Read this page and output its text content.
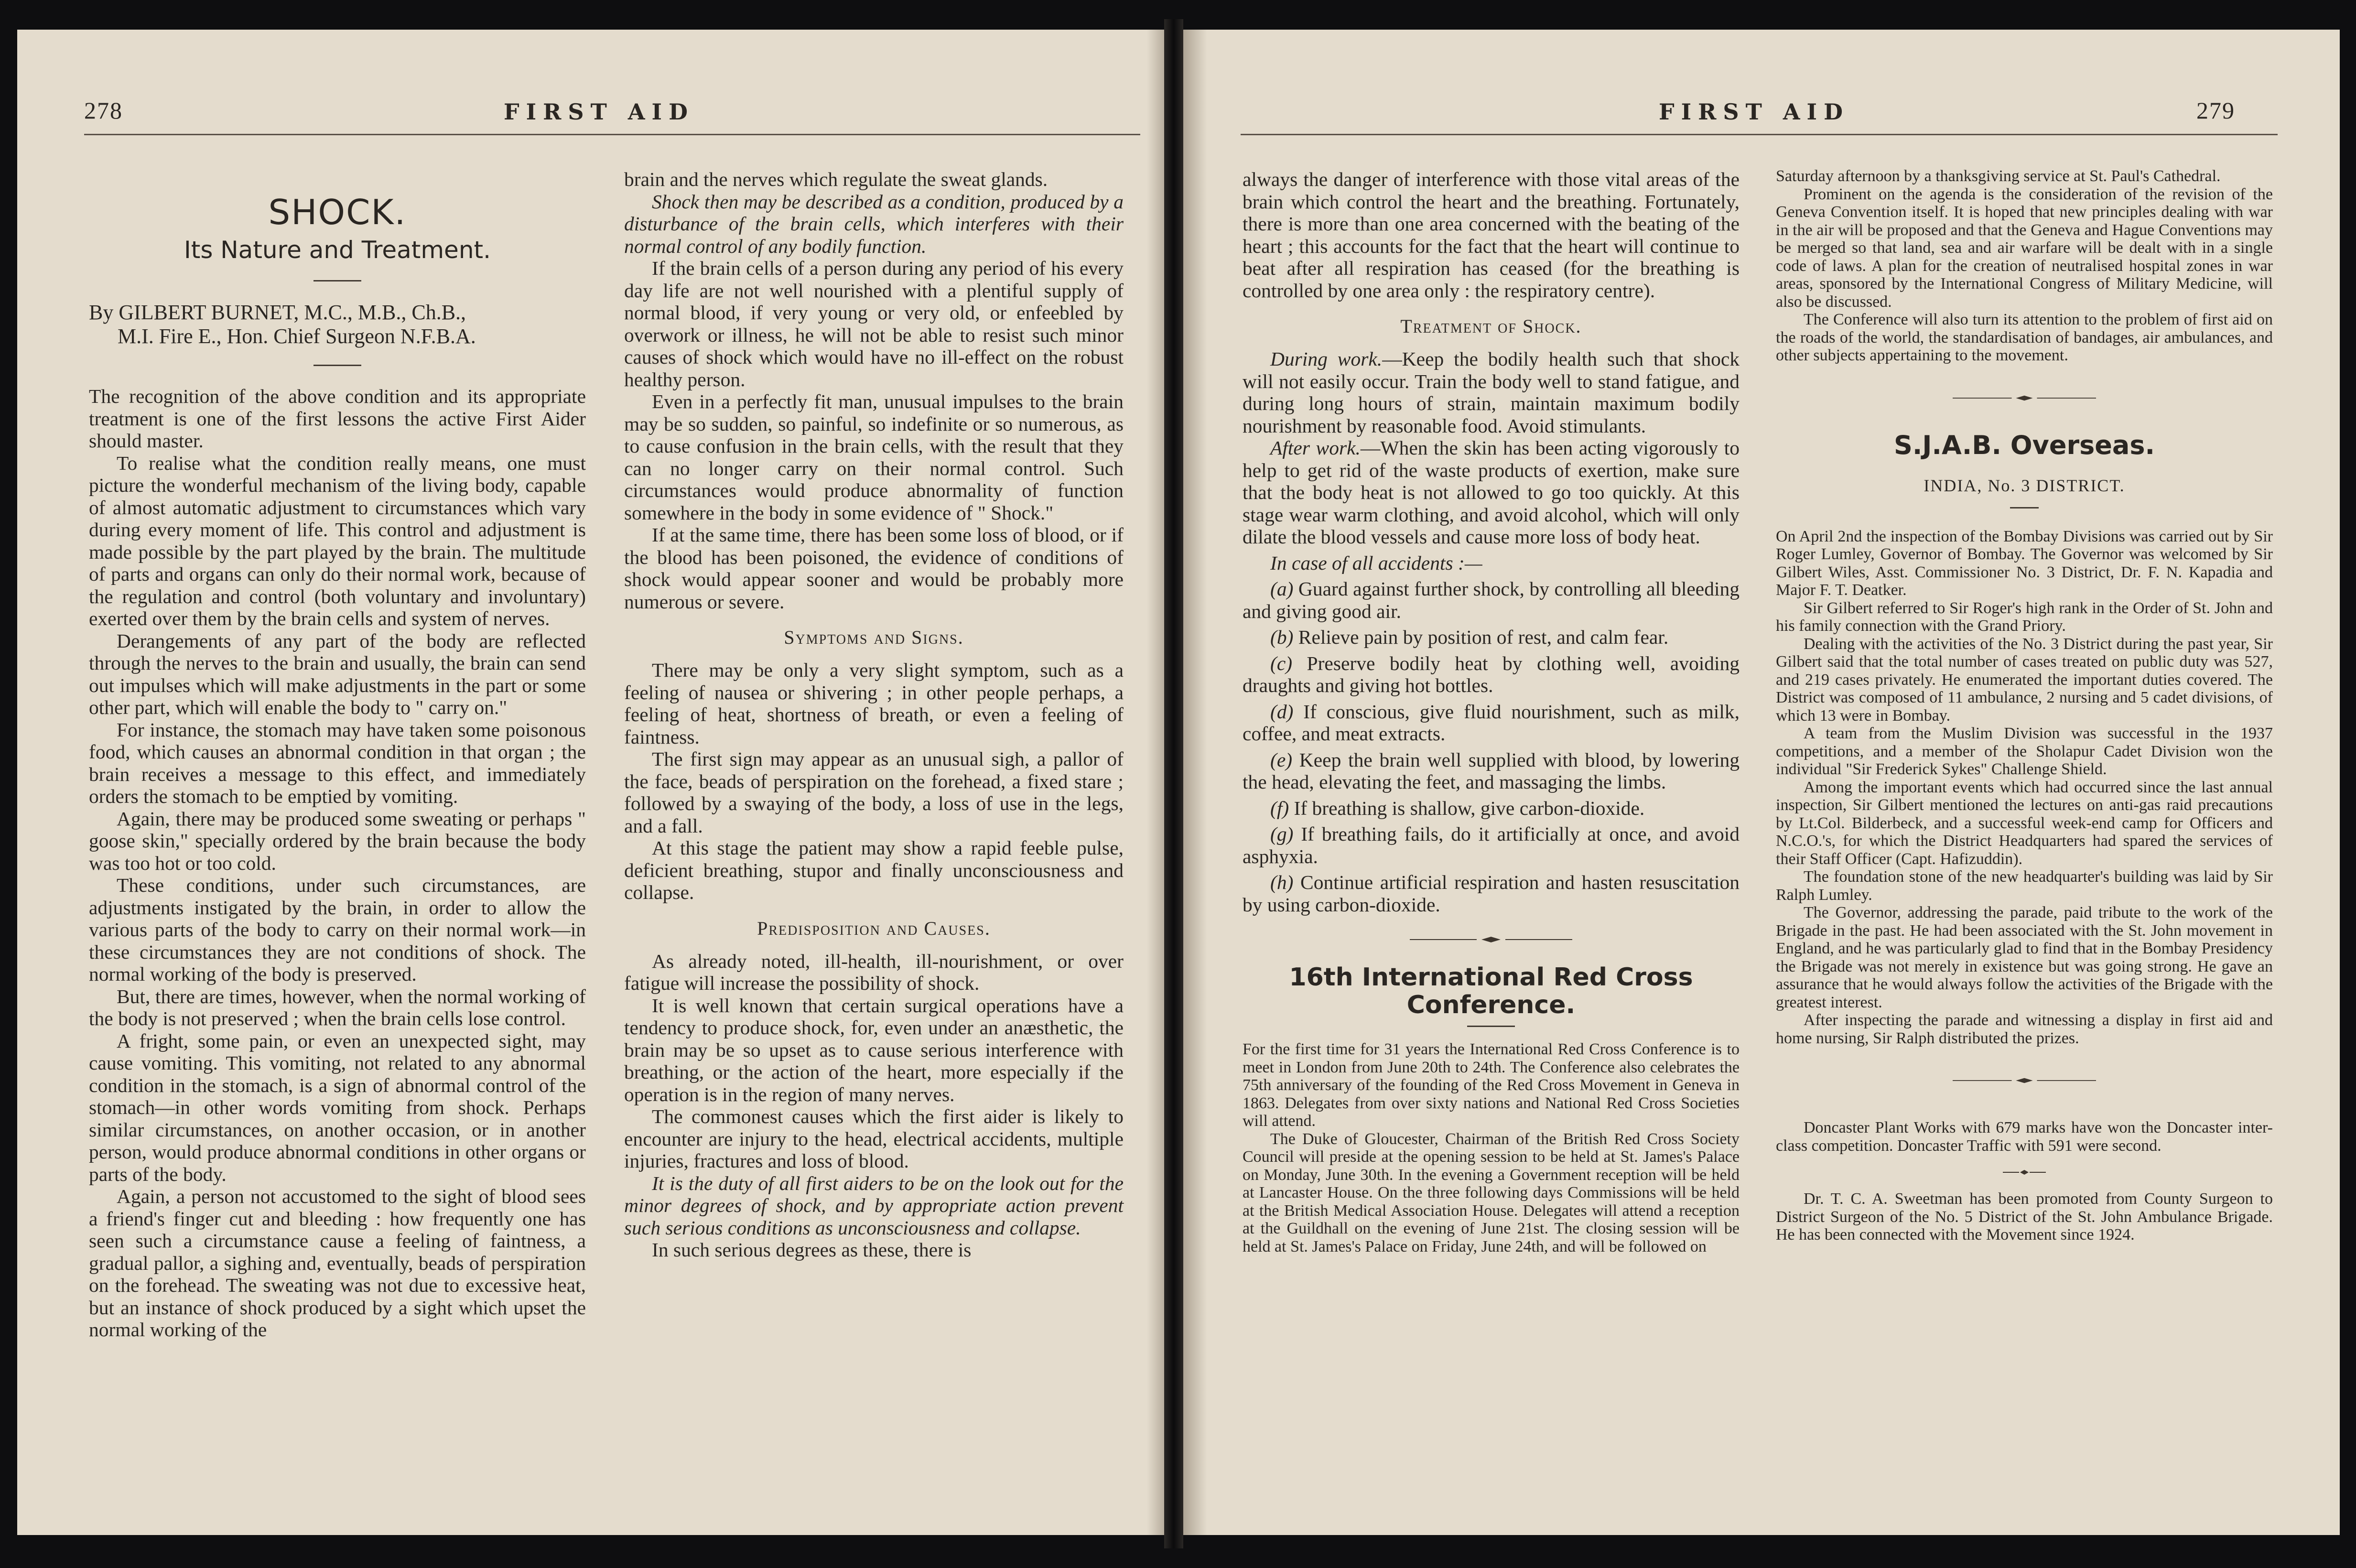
278	FIRST AID
SHOCK.
Its Nature and Treatment.
By GILBERT BURNET, M.C., M.B., Ch.B.,
M.I. Fire E., Hon. Chief Surgeon N.F.B.A.

The recognition of the above condition and its appropriate treatment is one of the first lessons the active First Aider should master.

To realise what the condition really means, one must picture the wonderful mechanism of the living body, capable of almost automatic adjustment to circumstances which vary during every moment of life. This control and adjustment is made possible by the part played by the brain. The multitude of parts and organs can only do their normal work, because of the regulation and control (both voluntary and involuntary) exerted over them by the brain cells and system of nerves.

Derangements of any part of the body are reflected through the nerves to the brain and usually, the brain can send out impulses which will make adjustments in the part or some other part, which will enable the body to " carry on."

For instance, the stomach may have taken some poisonous food, which causes an abnormal condition in that organ ; the brain receives a message to this effect, and immediately orders the stomach to be emptied by vomiting.

Again, there may be produced some sweating or perhaps " goose skin," specially ordered by the brain because the body was too hot or too cold.

These conditions, under such circumstances, are adjustments instigated by the brain, in order to allow the various parts of the body to carry on their normal work—in these circumstances they are not conditions of shock. The normal working of the body is preserved.

But, there are times, however, when the normal working of the body is not preserved ; when the brain cells lose control.

A fright, some pain, or even an unexpected sight, may cause vomiting. This vomiting, not related to any abnormal condition in the stomach, is a sign of abnormal control of the stomach—in other words vomiting from shock. Perhaps similar circumstances, on another occasion, or in another person, would produce abnormal conditions in other organs or parts of the body.

Again, a person not accustomed to the sight of blood sees a friend's finger cut and bleeding : how frequently one has seen such a circumstance cause a feeling of faintness, a gradual pallor, a sighing and, eventually, beads of perspiration on the forehead. The sweating was not due to excessive heat, but an instance of shock produced by a sight which upset the normal working of the

brain and the nerves which regulate the sweat glands.

Shock then may be described as a condition, produced by a disturbance of the brain cells, which interferes with their normal control of any bodily function.

If the brain cells of a person during any period of his every day life are not well nourished with a plentiful supply of normal blood, if very young or very old, or enfeebled by overwork or illness, he will not be able to resist such minor causes of shock which would have no ill-effect on the robust healthy person.

Even in a perfectly fit man, unusual impulses to the brain may be so sudden, so painful, so indefinite or so numerous, as to cause confusion in the brain cells, with the result that they can no longer carry on their normal control. Such circumstances would produce abnormality of function somewhere in the body in some evidence of " Shock."

If at the same time, there has been some loss of blood, or if the blood has been poisoned, the evidence of conditions of shock would appear sooner and would be probably more numerous or severe.

Symptoms and Signs.

There may be only a very slight symptom, such as a feeling of nausea or shivering ; in other people perhaps, a feeling of heat, shortness of breath, or even a feeling of faintness.

The first sign may appear as an unusual sigh, a pallor of the face, beads of perspiration on the forehead, a fixed stare ; followed by a swaying of the body, a loss of use in the legs, and a fall.

At this stage the patient may show a rapid feeble pulse, deficient breathing, stupor and finally unconsciousness and collapse.

Predisposition and Causes.

As already noted, ill-health, ill-nourishment, or over fatigue will increase the possibility of shock.

It is well known that certain surgical operations have a tendency to produce shock, for, even under an anæsthetic, the brain may be so upset as to cause serious interference with breathing, or the action of the heart, more especially if the operation is in the region of many nerves.

The commonest causes which the first aider is likely to encounter are injury to the head, electrical accidents, multiple injuries, fractures and loss of blood.

It is the duty of all first aiders to be on the look out for the minor degrees of shock, and by appropriate action prevent such serious conditions as unconsciousness and collapse.

In such serious degrees as these, there is

279
FIRST AID

always the danger of interference with those vital areas of the brain which control the heart and the breathing. Fortunately, there is more than one area concerned with the beating of the heart ; this accounts for the fact that the heart will continue to beat after all respiration has ceased (for the breathing is controlled by one area only : the respiratory centre).

Treatment of Shock.

During work.—Keep the bodily health such that shock will not easily occur. Train the body well to stand fatigue, and during long hours of strain, maintain maximum bodily nourishment by reasonable food. Avoid stimulants.

After work.—When the skin has been acting vigorously to help to get rid of the waste products of exertion, make sure that the body heat is not allowed to go too quickly. At this stage wear warm clothing, and avoid alcohol, which will only dilate the blood vessels and cause more loss of body heat.

In case of all accidents :—

(a) Guard against further shock, by controlling all bleeding and giving good air.

(b) Relieve pain by position of rest, and calm fear.

(c) Preserve bodily heat by clothing well, avoiding draughts and giving hot bottles.

(d) If conscious, give fluid nourishment, such as milk, coffee, and meat extracts.

(e) Keep the brain well supplied with blood, by lowering the head, elevating the feet, and massaging the limbs.

(f) If breathing is shallow, give carbon-dioxide.

(g) If breathing fails, do it artificially at once, and avoid asphyxia.

(h) Continue artificial respiration and hasten resuscitation by using carbon-dioxide.

16th International Red Cross
Conference.

For the first time for 31 years the International Red Cross Conference is to meet in London from June 20th to 24th. The Conference also celebrates the 75th anniversary of the founding of the Red Cross Movement in Geneva in 1863. Delegates from over sixty nations and National Red Cross Societies will attend.

The Duke of Gloucester, Chairman of the British Red Cross Society Council will preside at the opening session to be held at St. James's Palace on Monday, June 30th. In the evening a Government reception will be held at Lancaster House. On the three following days Commissions will be held at the British Medical Association House. Delegates will attend a reception at the Guildhall on the evening of June 21st. The closing session will be held at St. James's Palace on Friday, June 24th, and will be followed on

Saturday afternoon by a thanksgiving service at St. Paul's Cathedral.

Prominent on the agenda is the consideration of the revision of the Geneva Convention itself. It is hoped that new principles dealing with war in the air will be proposed and that the Geneva and Hague Conventions may be merged so that land, sea and air warfare will be dealt with in a single code of laws. A plan for the creation of neutralised hospital zones in war areas, sponsored by the International Congress of Military Medicine, will also be discussed.

The Conference will also turn its attention to the problem of first aid on the roads of the world, the standardisation of bandages, air ambulances, and other subjects appertaining to the movement.

S.J.A.B. Overseas.
INDIA, No. 3 DISTRICT.

On April 2nd the inspection of the Bombay Divisions was carried out by Sir Roger Lumley, Governor of Bombay. The Governor was welcomed by Sir Gilbert Wiles, Asst. Commissioner No. 3 District, Dr. F. N. Kapadia and Major F. T. Deatker.

Sir Gilbert referred to Sir Roger's high rank in the Order of St. John and his family connection with the Grand Priory.

Dealing with the activities of the No. 3 District during the past year, Sir Gilbert said that the total number of cases treated on public duty was 527, and 219 cases privately. He enumerated the important duties covered. The District was composed of 11 ambulance, 2 nursing and 5 cadet divisions, of which 13 were in Bombay.

A team from the Muslim Division was successful in the 1937 competitions, and a member of the Sholapur Cadet Division won the individual "Sir Frederick Sykes" Challenge Shield.

Among the important events which had occurred since the last annual inspection, Sir Gilbert mentioned the lectures on anti-gas raid precautions by Lt.Col. Bilderbeck, and a successful week-end camp for Officers and N.C.O.'s, for which the District Headquarters had spared the services of their Staff Officer (Capt. Hafizuddin).

The foundation stone of the new headquarter's building was laid by Sir Ralph Lumley.

The Governor, addressing the parade, paid tribute to the work of the Brigade in the past. He had been associated with the St. John movement in England, and he was particularly glad to find that in the Bombay Presidency the Brigade was not merely in existence but was going strong. He gave an assurance that he would always follow the activities of the Brigade with the greatest interest.

After inspecting the parade and witnessing a display in first aid and home nursing, Sir Ralph distributed the prizes.

Doncaster Plant Works with 679 marks have won the Doncaster inter-class competition. Doncaster Traffic with 591 were second.

Dr. T. C. A. Sweetman has been promoted from County Surgeon to District Surgeon of the No. 5 District of the St. John Ambulance Brigade. He has been connected with the Movement since 1924.
